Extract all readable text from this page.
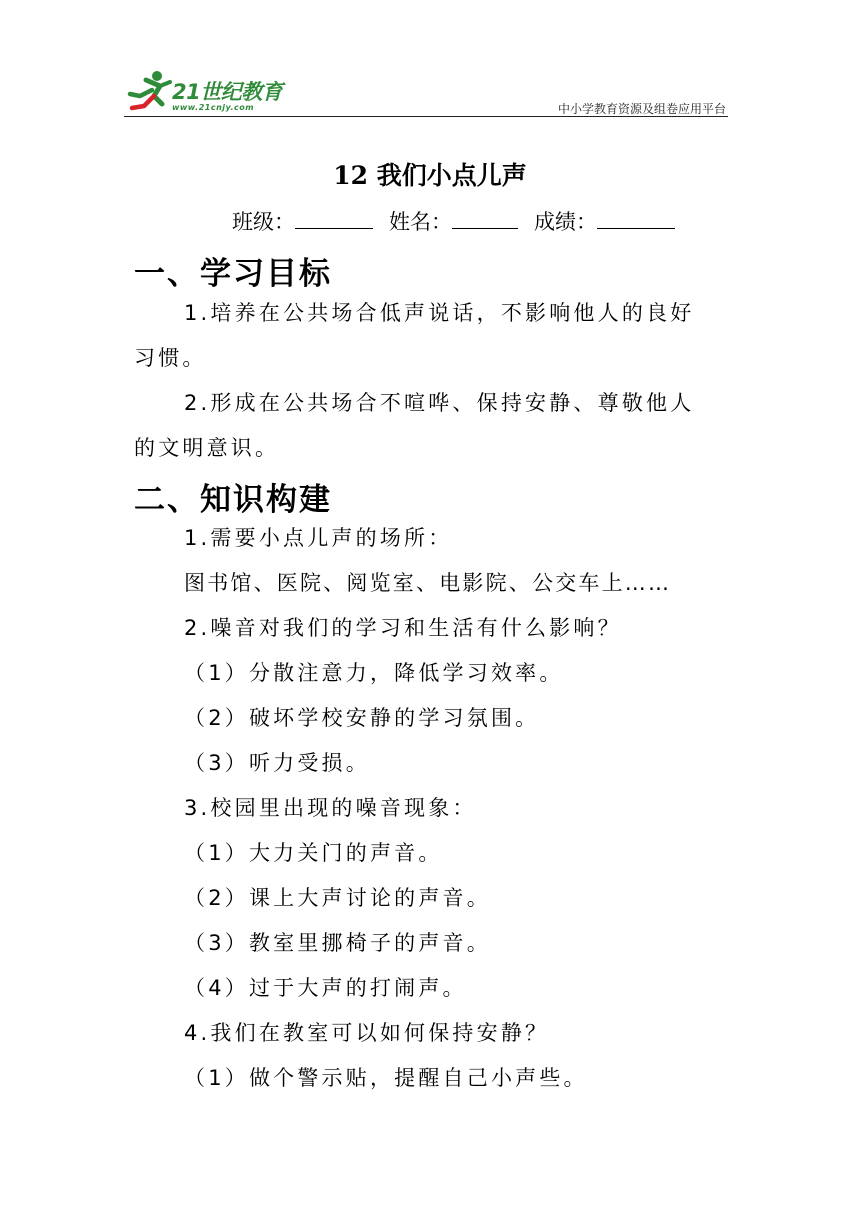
21世纪教育
www.21cnjy.com	中小学教育资源及组卷应用平台
12 我们小点儿声
班级：	姓名：	成绩：
一、学习目标
1.培养在公共场合低声说话，不影响他人的良好
习惯。
2.形成在公共场合不喧哗、保持安静、尊敬他人
的文明意识。
二、知识构建
1.需要小点儿声的场所：
图书馆、医院、阅览室、电影院、公交车上……
2.噪音对我们的学习和生活有什么影响？
（1）分散注意力，降低学习效率。
（2）破坏学校安静的学习氛围。
（3）听力受损。
3.校园里出现的噪音现象：
（1）大力关门的声音。
（2）课上大声讨论的声音。
（3）教室里挪椅子的声音。
（4）过于大声的打闹声。
4.我们在教室可以如何保持安静？
（1）做个警示贴，提醒自己小声些。
